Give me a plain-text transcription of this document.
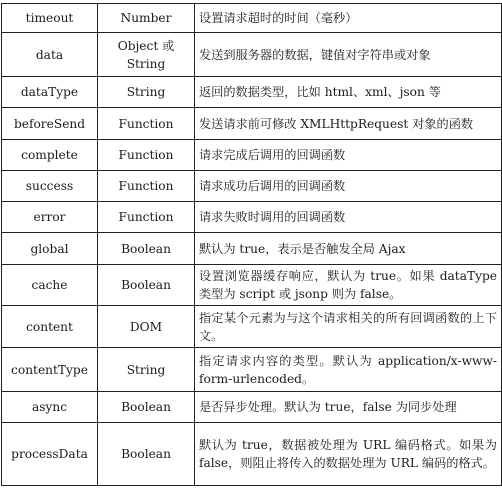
timeout	Number	设置请求超时的时间（毫秒）
data	Object 或 String	发送到服务器的数据，键值对字符串或对象
dataType	String	返回的数据类型，比如 html、xml、json 等
beforeSend	Function	发送请求前可修改 XMLHttpRequest 对象的函数
complete	Function	请求完成后调用的回调函数
success	Function	请求成功后调用的回调函数
error	Function	请求失败时调用的回调函数
global	Boolean	默认为 true，表示是否触发全局 Ajax
cache	Boolean	设置浏览器缓存响应，默认为 true。如果 dataType 类型为 script 或 jsonp 则为 false。
content	DOM	指定某个元素为与这个请求相关的所有回调函数的上下文。
contentType	String	指定请求内容的类型。默认为 application/x-www-form-urlencoded。
async	Boolean	是否异步处理。默认为 true，false 为同步处理
processData	Boolean	默认为 true，数据被处理为 URL 编码格式。如果为 false，则阻止将传入的数据处理为 URL 编码的格式。
